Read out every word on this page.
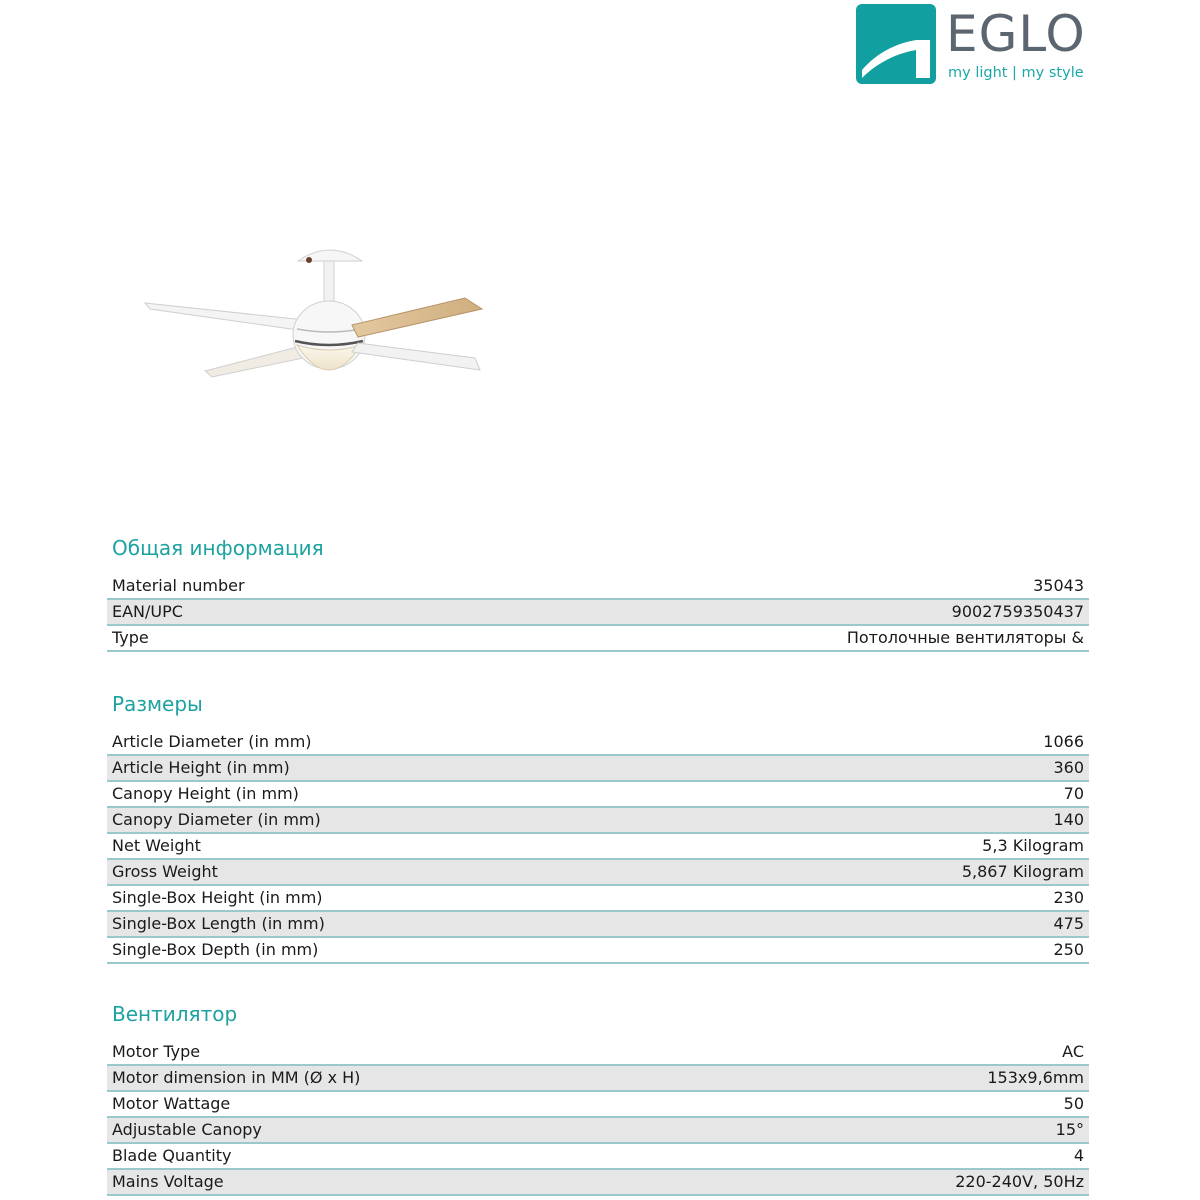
EGLO
my light | my style
Общая информация
Material number	35043
EAN/UPC	9002759350437
Type	Потолочные вентиляторы &
Размеры
Article Diameter (in mm)	1066
Article Height (in mm)	360
Canopy Height (in mm)	70
Canopy Diameter (in mm)	140
Net Weight	5,3 Kilogram
Gross Weight	5,867 Kilogram
Single-Box Height (in mm)	230
Single-Box Length (in mm)	475
Single-Box Depth (in mm)	250
Вентилятор
Motor Type	AC
Motor dimension in MM (Ø x H)	153x9,6mm
Motor Wattage	50
Adjustable Canopy	15°
Blade Quantity	4
Mains Voltage	220-240V, 50Hz
